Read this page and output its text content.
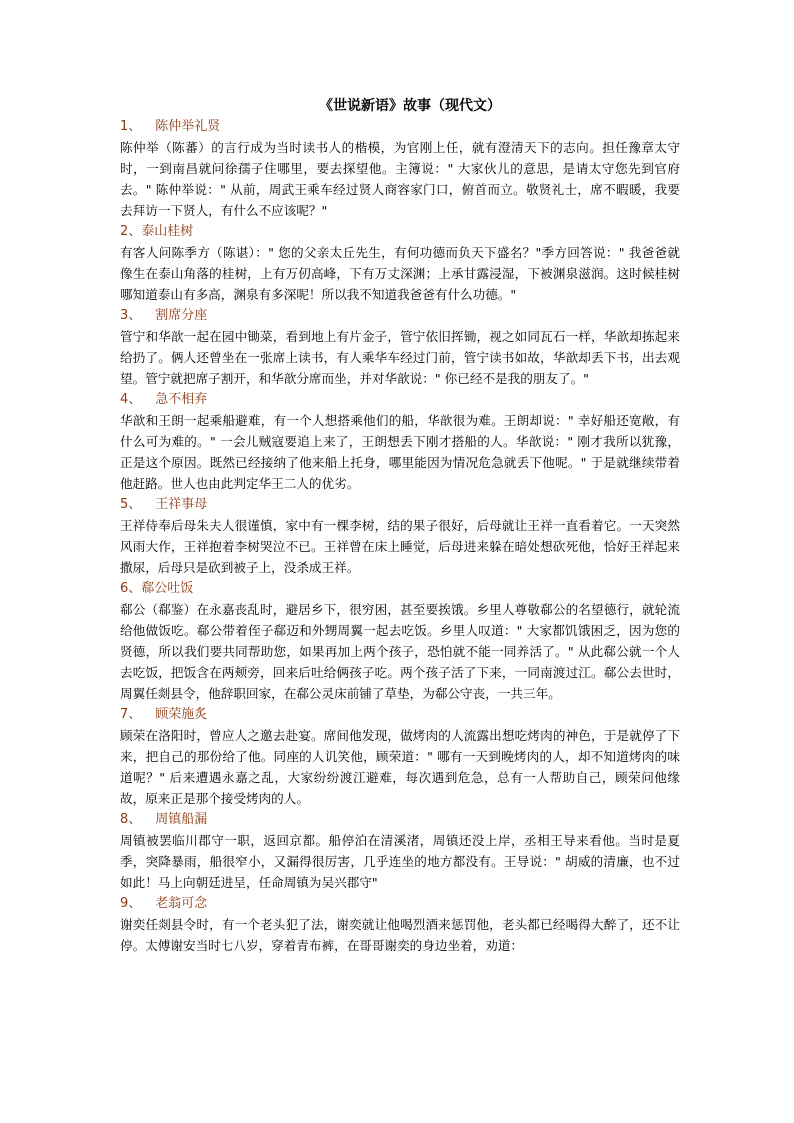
《世说新语》故事（现代文）
1、 陈仲举礼贤
陈仲举（陈蕃）的言行成为当时读书人的楷模，为官刚上任，就有澄清天下的志向。担任豫章太守时，一到南昌就问徐孺子住哪里，要去探望他。主簿说：" 大家伙儿的意思，是请太守您先到官府去。" 陈仲举说：" 从前，周武王乘车经过贤人商容家门口，俯首而立。敬贤礼士，席不暇暖，我要去拜访一下贤人，有什么不应该呢？"
2、泰山桂树
有客人问陈季方（陈谌）：" 您的父亲太丘先生，有何功德而负天下盛名？"季方回答说：" 我爸爸就像生在泰山角落的桂树，上有万仞高峰，下有万丈深渊；上承甘露浸湿，下被渊泉滋润。这时候桂树哪知道泰山有多高，渊泉有多深呢！所以我不知道我爸爸有什么功德。"
3、 割席分座
管宁和华歆一起在园中锄菜，看到地上有片金子，管宁依旧挥锄，视之如同瓦石一样，华歆却拣起来给扔了。俩人还曾坐在一张席上读书，有人乘华车经过门前，管宁读书如故，华歆却丢下书，出去观望。管宁就把席子割开，和华歆分席而坐，并对华歆说：" 你已经不是我的朋友了。"
4、 急不相弃
华歆和王朗一起乘船避难，有一个人想搭乘他们的船，华歆很为难。王朗却说：" 幸好船还宽敞，有什么可为难的。" 一会儿贼寇要追上来了，王朗想丢下刚才搭船的人。华歆说：" 刚才我所以犹豫，正是这个原因。既然已经接纳了他来船上托身，哪里能因为情况危急就丢下他呢。" 于是就继续带着他赶路。世人也由此判定华王二人的优劣。
5、 王祥事母
王祥侍奉后母朱夫人很谨慎，家中有一棵李树，结的果子很好，后母就让王祥一直看着它。一天突然风雨大作，王祥抱着李树哭泣不已。王祥曾在床上睡觉，后母进来躲在暗处想砍死他，恰好王祥起来撒尿，后母只是砍到被子上，没杀成王祥。
6、郗公吐饭
郗公（郗鉴）在永嘉丧乱时，避居乡下，很穷困，甚至要挨饿。乡里人尊敬郗公的名望德行，就轮流给他做饭吃。郗公带着侄子郗迈和外甥周翼一起去吃饭。乡里人叹道：" 大家都饥饿困乏，因为您的贤德，所以我们要共同帮助您，如果再加上两个孩子，恐怕就不能一同养活了。" 从此郗公就一个人去吃饭，把饭含在两颊旁，回来后吐给俩孩子吃。两个孩子活了下来，一同南渡过江。郗公去世时，周翼任剡县令，他辞职回家，在郗公灵床前铺了草垫，为郗公守丧，一共三年。
7、 顾荣施炙
顾荣在洛阳时，曾应人之邀去赴宴。席间他发现，做烤肉的人流露出想吃烤肉的神色，于是就停了下来，把自己的那份给了他。同座的人讥笑他，顾荣道：" 哪有一天到晚烤肉的人，却不知道烤肉的味道呢？" 后来遭遇永嘉之乱，大家纷纷渡江避难，每次遇到危急，总有一人帮助自己，顾荣问他缘故，原来正是那个接受烤肉的人。
8、 周镇船漏
周镇被罢临川郡守一职，返回京都。船停泊在清溪渚，周镇还没上岸，丞相王导来看他。当时是夏季，突降暴雨，船很窄小，又漏得很厉害，几乎连坐的地方都没有。王导说：" 胡威的清廉，也不过如此！马上向朝廷进呈，任命周镇为吴兴郡守"
9、 老翁可念
谢奕任剡县令时，有一个老头犯了法，谢奕就让他喝烈酒来惩罚他，老头都已经喝得大醉了，还不让停。太傅谢安当时七八岁，穿着青布裤，在哥哥谢奕的身边坐着，劝道：
